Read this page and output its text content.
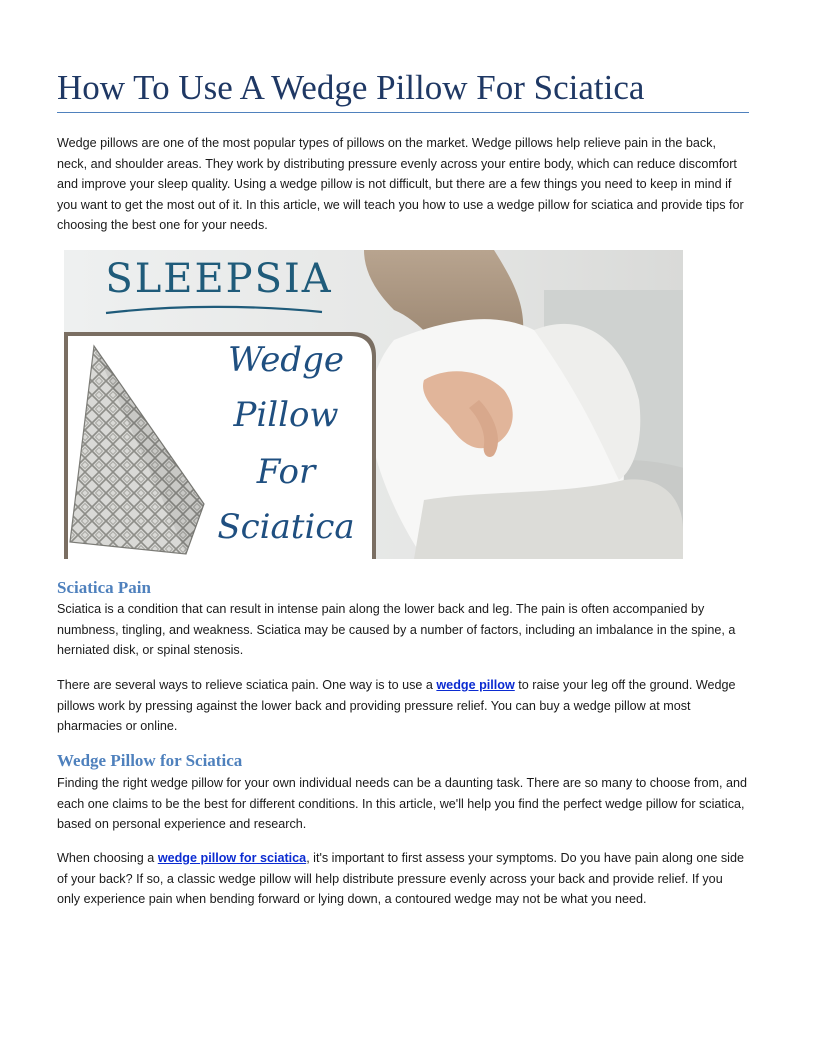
How To Use A Wedge Pillow For Sciatica

Wedge pillows are one of the most popular types of pillows on the market. Wedge pillows help relieve pain in the back, neck, and shoulder areas. They work by distributing pressure evenly across your entire body, which can reduce discomfort and improve your sleep quality. Using a wedge pillow is not difficult, but there are a few things you need to keep in mind if you want to get the most out of it. In this article, we will teach you how to use a wedge pillow for sciatica and provide tips for choosing the best one for your needs.

SLEEPSIA
Wedge
Pillow
For
Sciatica
Sciatica Pain

Sciatica is a condition that can result in intense pain along the lower back and leg. The pain is often accompanied by numbness, tingling, and weakness. Sciatica may be caused by a number of factors, including an imbalance in the spine, a herniated disk, or spinal stenosis.

There are several ways to relieve sciatica pain. One way is to use a wedge pillow to raise your leg off the ground. Wedge pillows work by pressing against the lower back and providing pressure relief. You can buy a wedge pillow at most pharmacies or online.

Wedge Pillow for Sciatica

Finding the right wedge pillow for your own individual needs can be a daunting task. There are so many to choose from, and each one claims to be the best for different conditions. In this article, we'll help you find the perfect wedge pillow for sciatica, based on personal experience and research.

When choosing a wedge pillow for sciatica, it's important to first assess your symptoms. Do you have pain along one side of your back? If so, a classic wedge pillow will help distribute pressure evenly across your back and provide relief. If you only experience pain when bending forward or lying down, a contoured wedge may not be what you need.
